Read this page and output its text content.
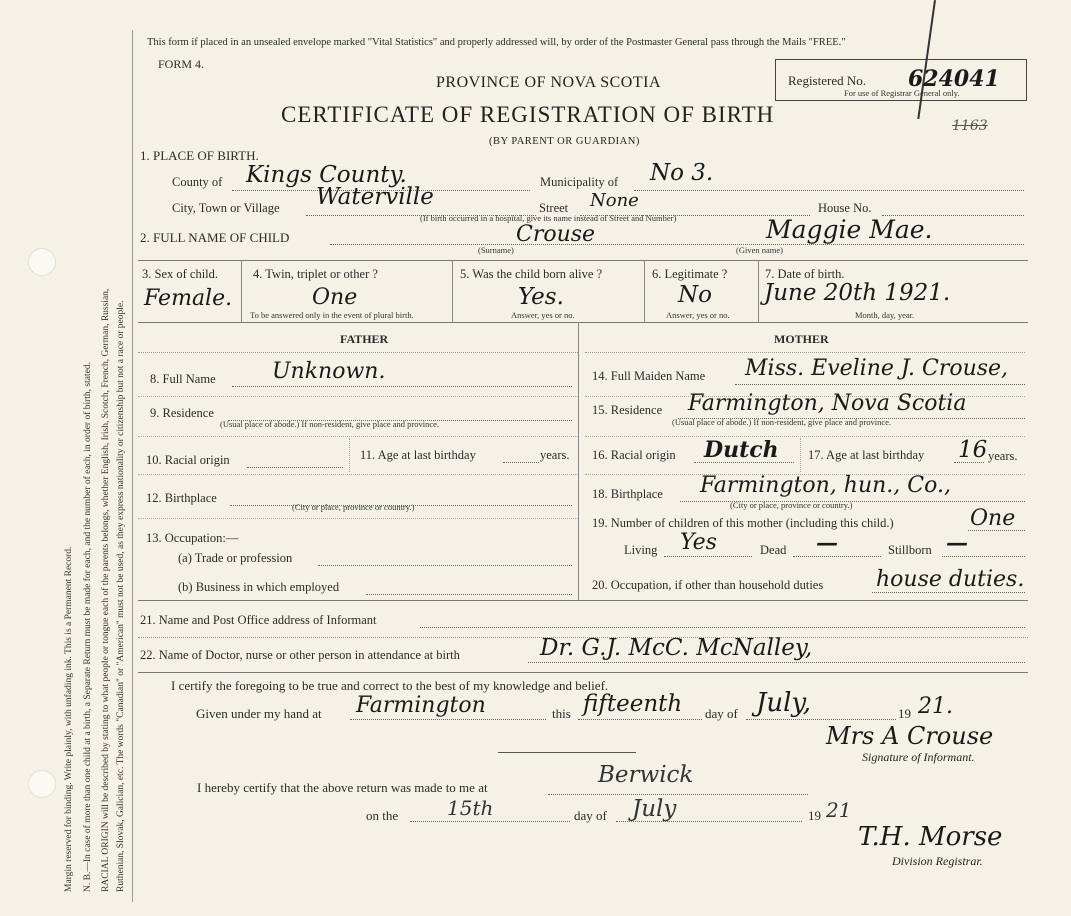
Margin reserved for binding. Write plainly, with unfading ink. This is a Permanent Record. N. B.—In case of more than one child at a birth, a Separate Return must be made for each, and the number of each, in order of birth, stated. RACIAL ORIGIN will be described by stating to what people or tongue each of the parents belongs, whether English, Irish, Scotch, French, German, Russian, Ruthenian, Slovak, Galician, etc. The words "Canadian" or "American" must not be used, as they express nationality or citizenship but not a race or people.
This form if placed in an unsealed envelope marked "Vital Statistics" and properly addressed will, by order of the Postmaster General pass through the Mails "FREE."
FORM 4.
PROVINCE OF NOVA SCOTIA
CERTIFICATE OF REGISTRATION OF BIRTH
(BY PARENT OR GUARDIAN)
1163
Registered No. 624041
For use of Registrar General only.
1. PLACE OF BIRTH.
County of Kings County.	Municipality of No 3.
City, Town or Village Waterville	Street None
(If birth occurred in a hospital, give its name instead of Street and Number)
House No.
2. FULL NAME OF CHILD	Crouse
(Surname)
Maggie Mae.
(Given name)
3. Sex of child.
Female.
4. Twin, triplet or other ?
One
To be answered only in the event of plural birth.
5. Was the child born alive ?
Yes.
Answer, yes or no.
6. Legitimate ?
No
Answer, yes or no.
7. Date of birth.
June 20th 1921.
Month, day, year.
FATHER	MOTHER
8. Full Name	Unknown.
9. Residence
(Usual place of abode.) If non-resident, give place and province.
10. Racial origin	11. Age at last birthday	years.
12. Birthplace
(City or place, province or country.)
13. Occupation:—
(a) Trade or profession
(b) Business in which employed
14. Full Maiden Name Miss. Eveline J. Crouse,
15. Residence Farmington, Nova Scotia
(Usual place of abode.) If non-resident, give place and province.
16. Racial origin Dutch 17. Age at last birthday 16 years.
18. Birthplace Farmington, hun., Co.,
(City or place, province or country.)
19. Number of children of this mother (including this child.)	One
Living Yes	Dead —	Stillborn —
20. Occupation, if other than household duties house duties.
21. Name and Post Office address of Informant
22. Name of Doctor, nurse or other person in attendance at birth	Dr. G.J. McC. McNalley,
I certify the foregoing to be true and correct to the best of my knowledge and belief.
Given under my hand at Farmington	this fifteenth day of July,	19 21.
Mrs A Crouse
Signature of Informant.
I hereby certify that the above return was made to me at	Berwick
on the 15th	day of July	19 21
T.H. Morse
Division Registrar.
